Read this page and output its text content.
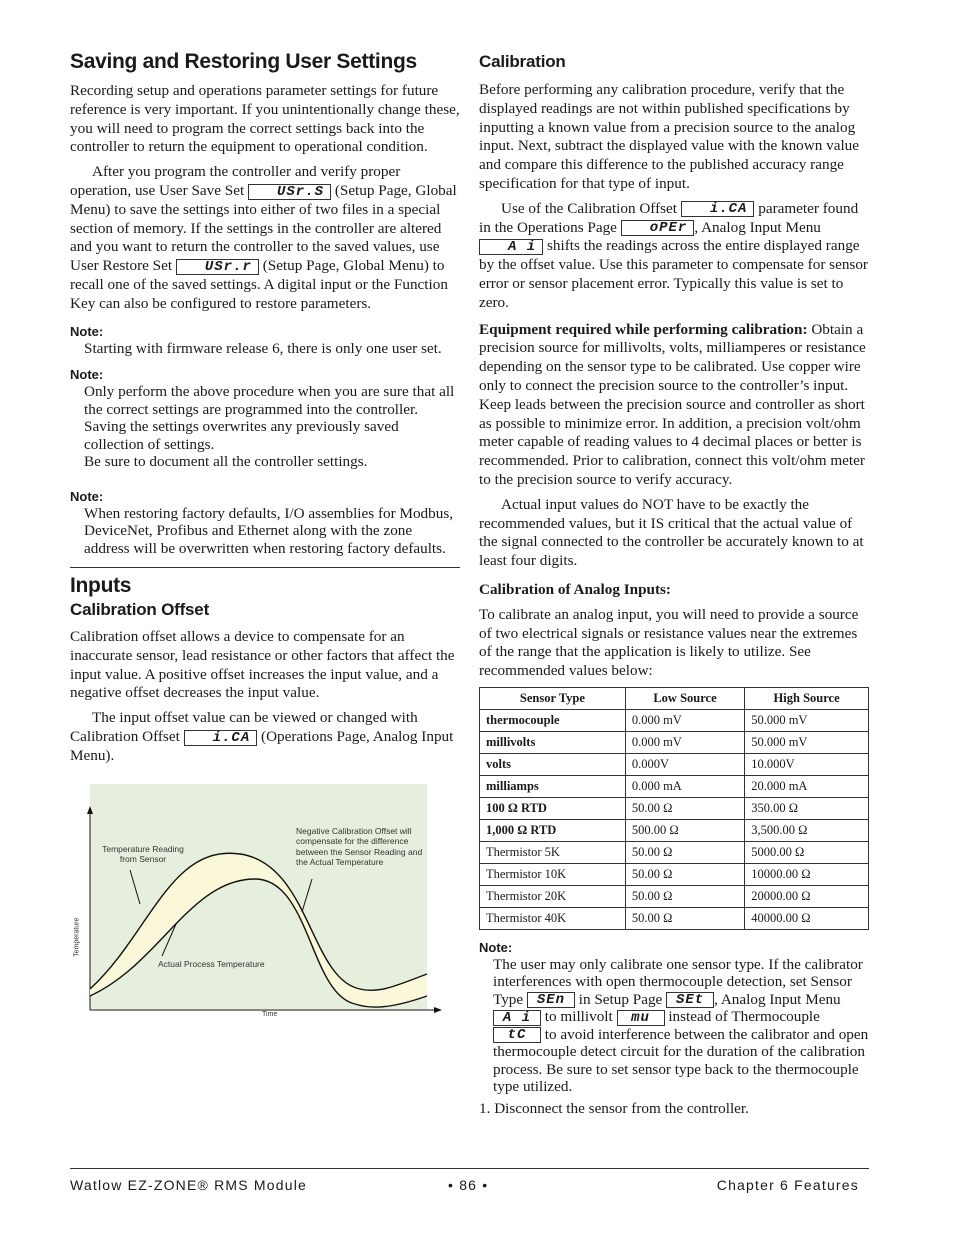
Saving and Restoring User Settings

Recording setup and operations parameter settings for future reference is very important. If you unintentionally change these, you will need to program the correct settings back into the controller to return the equipment to operational condition.

After you program the controller and verify proper operation, use User Save Set USr.S (Setup Page, Global Menu) to save the settings into either of two files in a special section of memory. If the settings in the controller are altered and you want to return the controller to the saved values, use User Restore Set USr.r (Setup Page, Global Menu) to recall one of the saved settings. A digital input or the Function Key can also be configured to restore parameters.

Note:
Starting with firmware release 6, there is only one user set.
Note:
Only perform the above procedure when you are sure that all the correct settings are programmed into the controller. Saving the settings overwrites any previously saved collection of settings.
Be sure to document all the controller settings.
Note:
When restoring factory defaults, I/O assemblies for Modbus, DeviceNet, Profibus and Ethernet along with the zone address will be overwritten when restoring factory defaults.
Inputs
Calibration Offset

Calibration offset allows a device to compensate for an inaccurate sensor, lead resistance or other factors that affect the input value. A positive offset increases the input value, and a negative offset decreases the input value.

The input offset value can be viewed or changed with Calibration Offset i.CA (Operations Page, Analog Input Menu).

Temperature Reading from Sensor
Negative Calibration Offset will compensate for the difference between the Sensor Reading and the Actual Temperature
Actual Process Temperature
Temperature
Time
Calibration

Before performing any calibration procedure, verify that the displayed readings are not within published specifications by inputting a known value from a precision source to the analog input. Next, subtract the displayed value with the known value and compare this difference to the published accuracy range specification for that type of input.

Use of the Calibration Offset i.CA parameter found in the Operations Page oPEr , Analog Input Menu A i shifts the readings across the entire displayed range by the offset value. Use this parameter to compensate for sensor error or sensor placement error. Typically this value is set to zero.

Equipment required while performing calibration: Obtain a precision source for millivolts, volts, milliamperes or resistance depending on the sensor type to be calibrated. Use copper wire only to connect the precision source to the controller’s input. Keep leads between the precision source and controller as short as possible to minimize error. In addition, a precision volt/ohm meter capable of reading values to 4 decimal places or better is recommended. Prior to calibration, connect this volt/ohm meter to the precision source to verify accuracy.

Actual input values do NOT have to be exactly the recommended values, but it IS critical that the actual value of the signal connected to the controller be accurately known to at least four digits.

Calibration of Analog Inputs:

To calibrate an analog input, you will need to provide a source of two electrical signals or resistance values near the extremes of the range that the application is likely to utilize. See recommended values below:

Sensor Type	Low Source	High Source
thermocouple	0.000 mV	50.000 mV
millivolts	0.000 mV	50.000 mV
volts	0.000V	10.000V
milliamps	0.000 mA	20.000 mA
100 Ω RTD	50.00 Ω	350.00 Ω
1,000 Ω RTD	500.00 Ω	3,500.00 Ω
Thermistor 5K	50.00 Ω	5000.00 Ω
Thermistor 10K	50.00 Ω	10000.00 Ω
Thermistor 20K	50.00 Ω	20000.00 Ω
Thermistor 40K	50.00 Ω	40000.00 Ω
Note:
The user may only calibrate one sensor type. If the calibrator interferences with open thermocouple detection, set Sensor Type SEn in Setup Page SEt , Analog Input Menu A i to millivolt mu instead of Thermocouple tC to avoid interference between the calibrator and open thermocouple detect circuit for the duration of the calibration process. Be sure to set sensor type back to the thermocouple type utilized.

1. Disconnect the sensor from the controller.

Watlow EZ-ZONE® RMS Module	• 86 •	Chapter 6 Features
